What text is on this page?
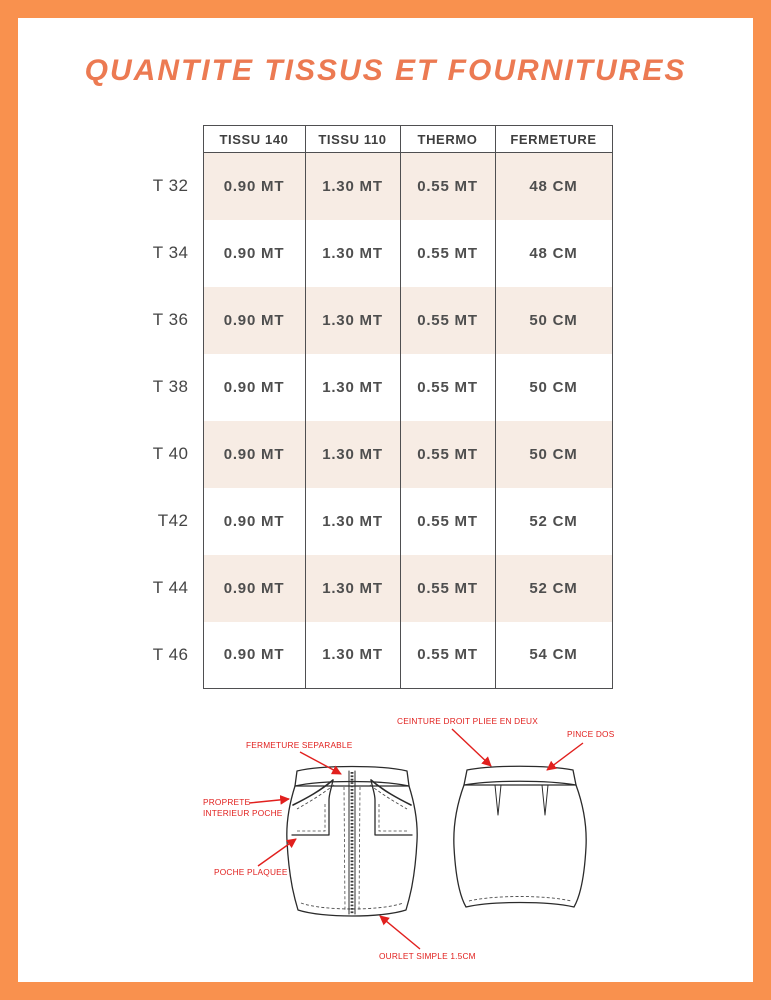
QUANTITE TISSUS ET FOURNITURES
	TISSU 140	TISSU 110	THERMO	FERMETURE
T 32	0.90 MT	1.30 MT	0.55 MT	48 CM
T 34	0.90 MT	1.30 MT	0.55 MT	48 CM
T 36	0.90 MT	1.30 MT	0.55 MT	50 CM
T 38	0.90 MT	1.30 MT	0.55 MT	50 CM
T 40	0.90 MT	1.30 MT	0.55 MT	50 CM
T42	0.90 MT	1.30 MT	0.55 MT	52 CM
T 44	0.90 MT	1.30 MT	0.55 MT	52 CM
T 46	0.90 MT	1.30 MT	0.55 MT	54 CM
FERMETURE SEPARABLE
CEINTURE DROIT PLIEE EN DEUX
PINCE DOS
PROPRETE
INTERIEUR POCHE
POCHE PLAQUEE
OURLET SIMPLE 1.5CM
